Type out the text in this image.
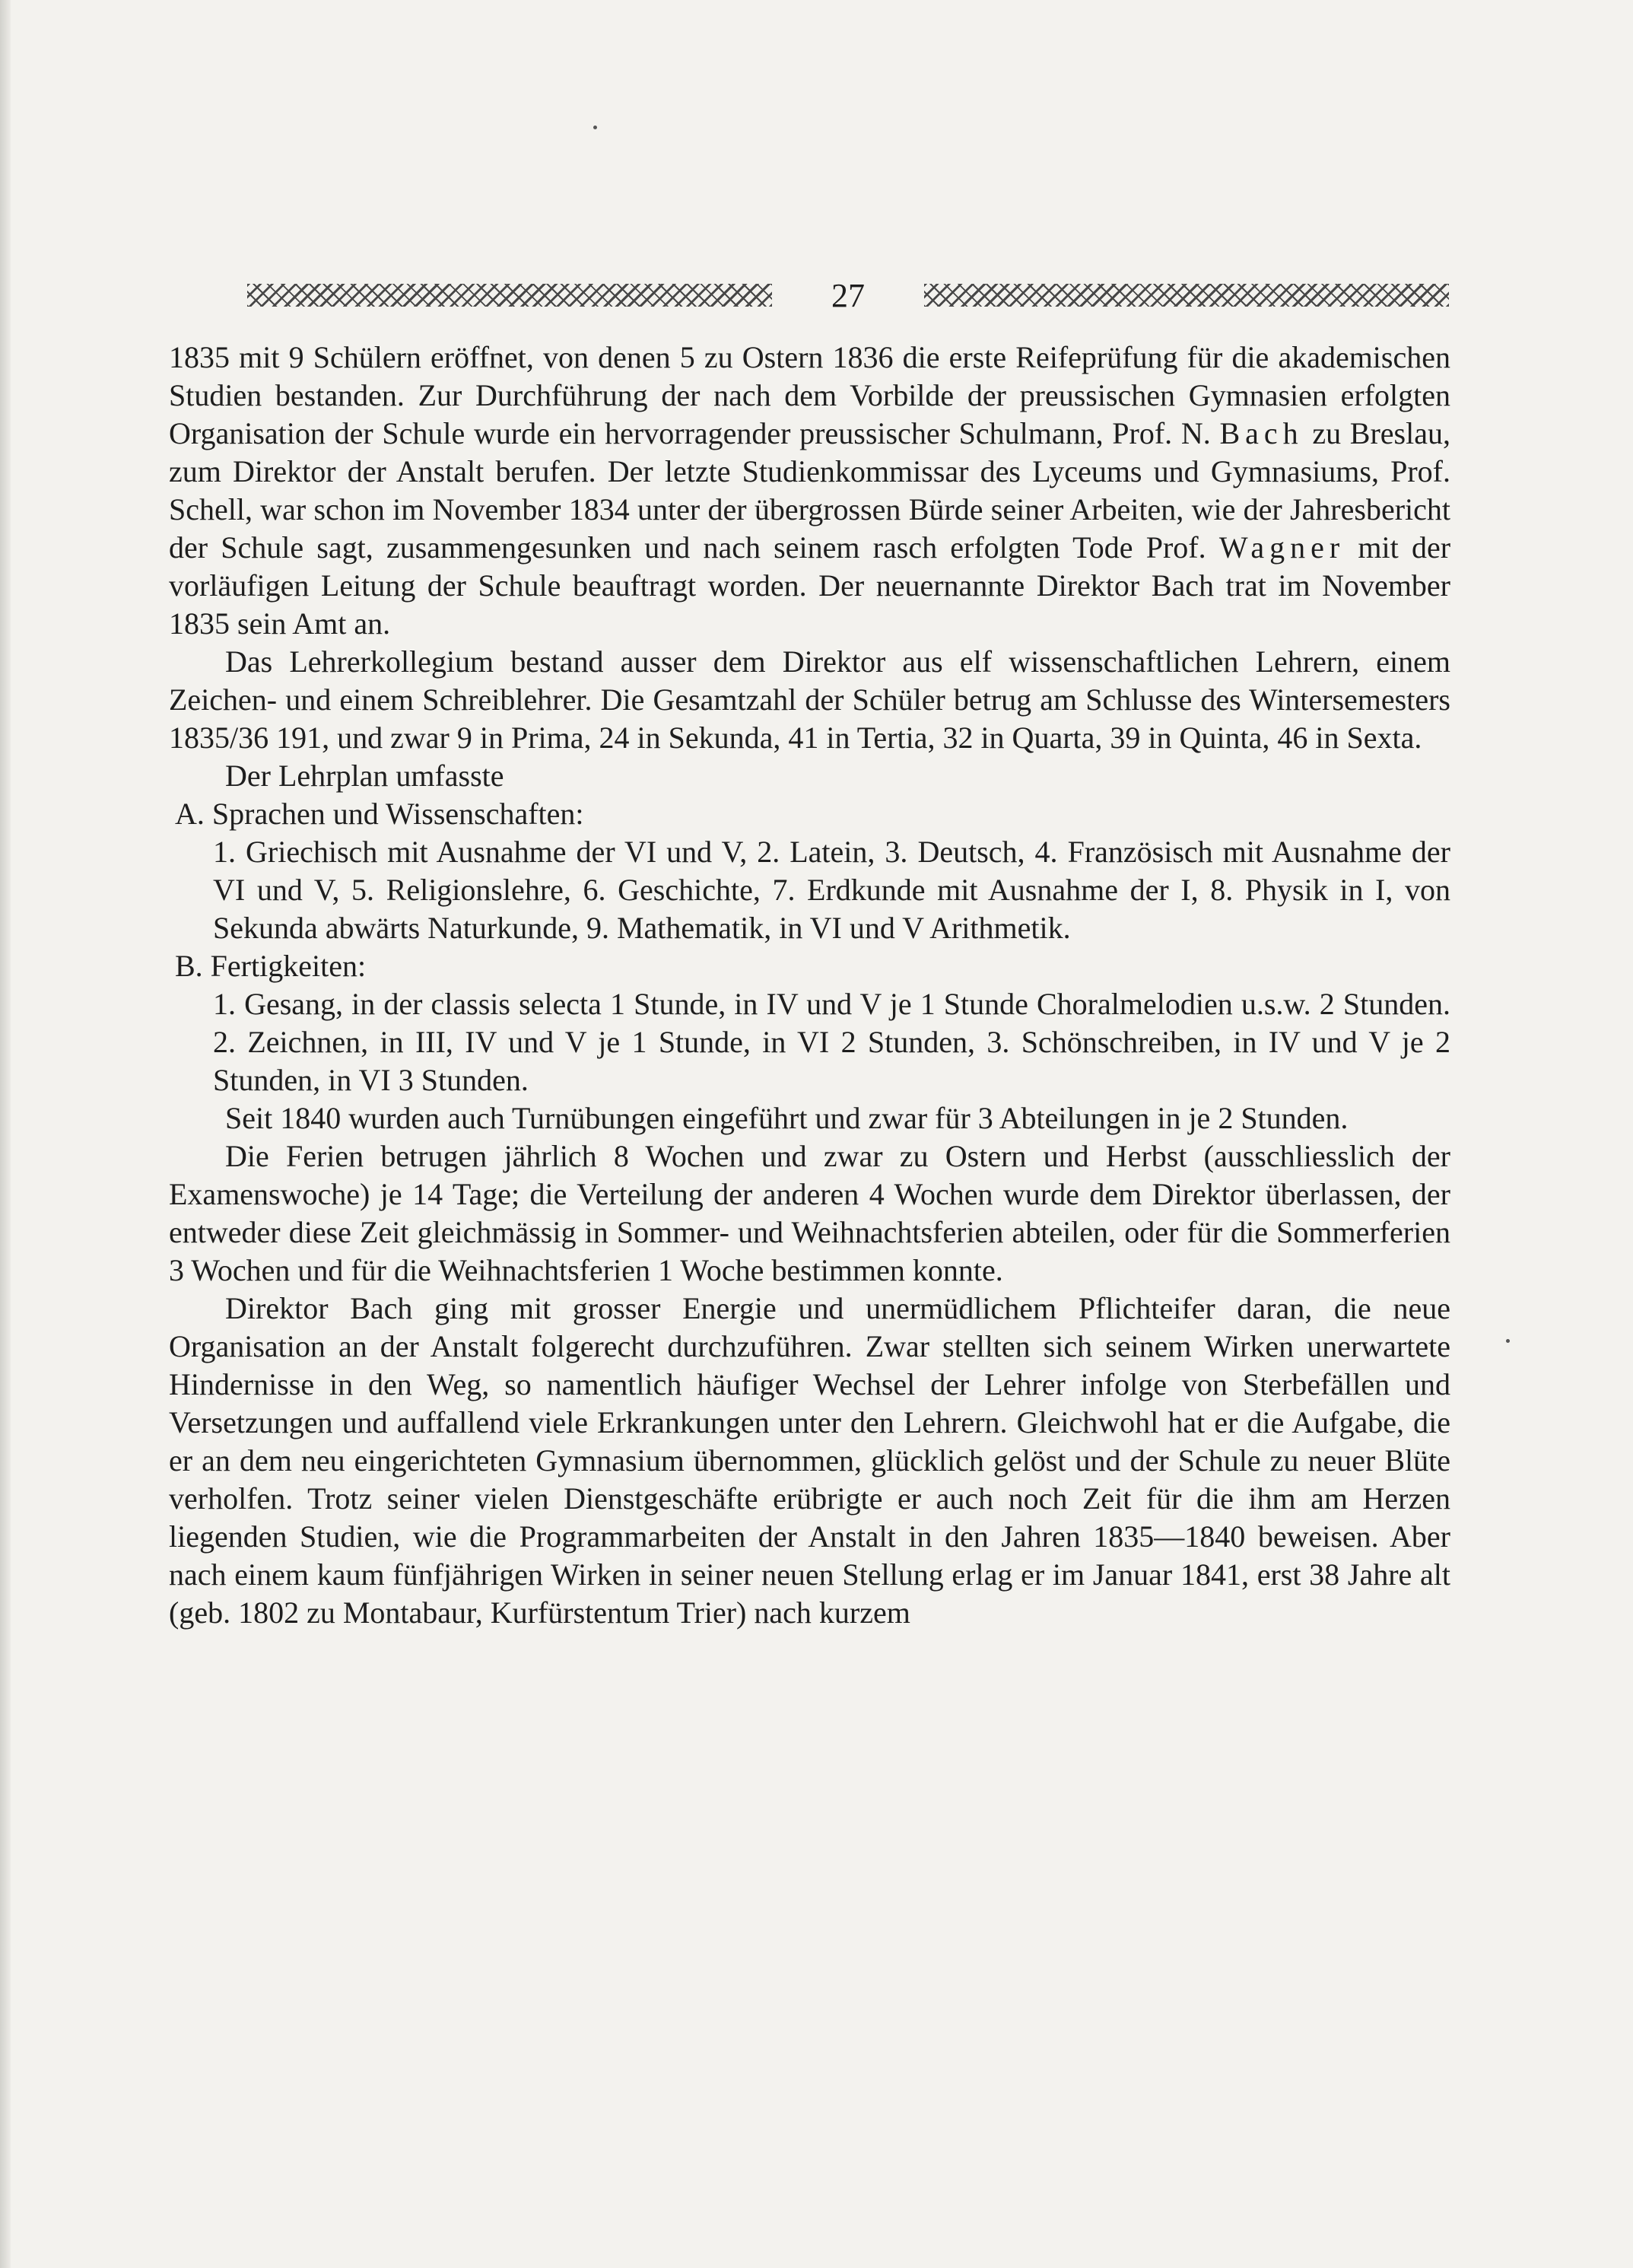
27

1835 mit 9 Schülern eröffnet, von denen 5 zu Ostern 1836 die erste Reifeprüfung für die akademischen Studien bestanden. Zur Durchführung der nach dem Vorbilde der preussischen Gymnasien erfolgten Organisation der Schule wurde ein hervorragender preussischer Schulmann, Prof. N. Bach zu Breslau, zum Direktor der Anstalt berufen. Der letzte Studienkommissar des Lyceums und Gymnasiums, Prof. Schell, war schon im November 1834 unter der übergrossen Bürde seiner Arbeiten, wie der Jahresbericht der Schule sagt, zusammengesunken und nach seinem rasch erfolgten Tode Prof. Wagner mit der vorläufigen Leitung der Schule beauftragt worden. Der neuernannte Direktor Bach trat im November 1835 sein Amt an.

Das Lehrerkollegium bestand ausser dem Direktor aus elf wissenschaftlichen Lehrern, einem Zeichen- und einem Schreiblehrer. Die Gesamtzahl der Schüler betrug am Schlusse des Wintersemesters 1835/36 191, und zwar 9 in Prima, 24 in Sekunda, 41 in Tertia, 32 in Quarta, 39 in Quinta, 46 in Sexta.

Der Lehrplan umfasste

A. Sprachen und Wissenschaften:

1. Griechisch mit Ausnahme der VI und V, 2. Latein, 3. Deutsch, 4. Französisch mit Ausnahme der VI und V, 5. Religionslehre, 6. Geschichte, 7. Erdkunde mit Ausnahme der I, 8. Physik in I, von Sekunda abwärts Naturkunde, 9. Mathematik, in VI und V Arithmetik.

B. Fertigkeiten:

1. Gesang, in der classis selecta 1 Stunde, in IV und V je 1 Stunde Choralmelodien u.s.w. 2 Stunden. 2. Zeichnen, in III, IV und V je 1 Stunde, in VI 2 Stunden, 3. Schönschreiben, in IV und V je 2 Stunden, in VI 3 Stunden.

Seit 1840 wurden auch Turnübungen eingeführt und zwar für 3 Abteilungen in je 2 Stunden.

Die Ferien betrugen jährlich 8 Wochen und zwar zu Ostern und Herbst (ausschliesslich der Examenswoche) je 14 Tage; die Verteilung der anderen 4 Wochen wurde dem Direktor überlassen, der entweder diese Zeit gleichmässig in Sommer- und Weihnachtsferien abteilen, oder für die Sommerferien 3 Wochen und für die Weihnachtsferien 1 Woche bestimmen konnte.

Direktor Bach ging mit grosser Energie und unermüdlichem Pflichteifer daran, die neue Organisation an der Anstalt folgerecht durchzuführen. Zwar stellten sich seinem Wirken unerwartete Hindernisse in den Weg, so namentlich häufiger Wechsel der Lehrer infolge von Sterbefällen und Versetzungen und auffallend viele Erkrankungen unter den Lehrern. Gleichwohl hat er die Aufgabe, die er an dem neu eingerichteten Gymnasium übernommen, glücklich gelöst und der Schule zu neuer Blüte verholfen. Trotz seiner vielen Dienstgeschäfte erübrigte er auch noch Zeit für die ihm am Herzen liegenden Studien, wie die Programmarbeiten der Anstalt in den Jahren 1835—1840 beweisen. Aber nach einem kaum fünfjährigen Wirken in seiner neuen Stellung erlag er im Januar 1841, erst 38 Jahre alt (geb. 1802 zu Montabaur, Kurfürstentum Trier) nach kurzem
